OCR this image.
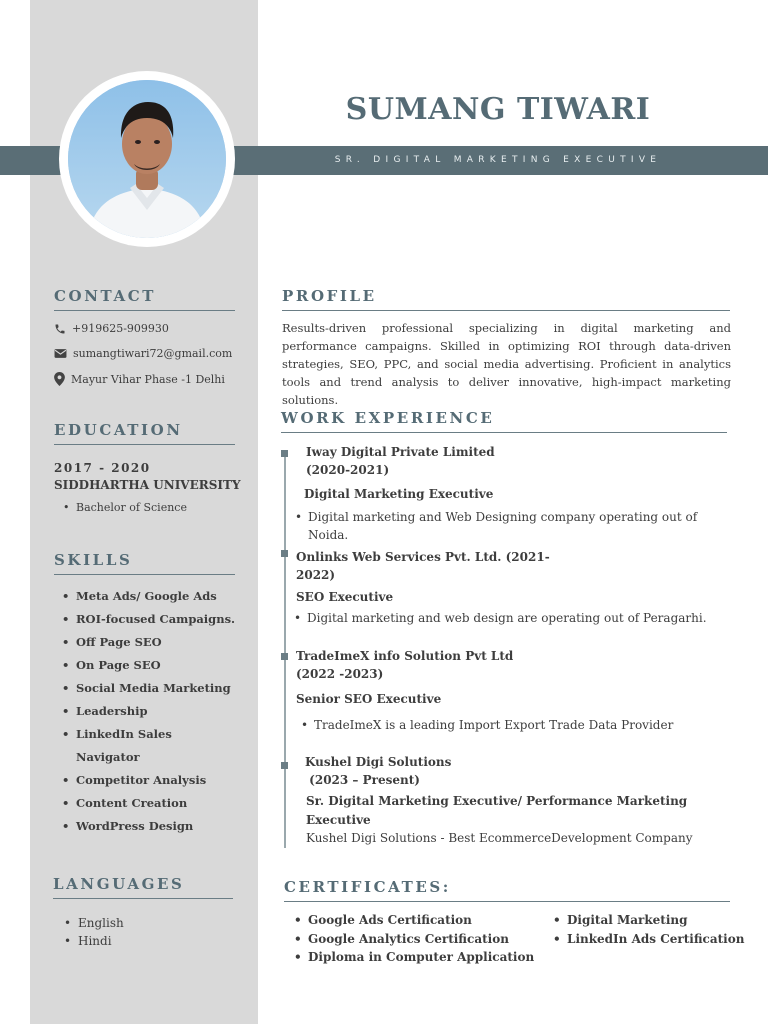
SUMANG TIWARI
SR. DIGITAL MARKETING EXECUTIVE
CONTACT
+919625-909930
sumangtiwari72@gmail.com
Mayur Vihar Phase -1 Delhi
EDUCATION
2017 - 2020
SIDDHARTHA UNIVERSITY
• Bachelor of Science
SKILLS
• Meta Ads/ Google Ads
• ROI-focused Campaigns.
• Off Page SEO
• On Page SEO
• Social Media Marketing
• Leadership
• LinkedIn Sales Navigator
• Competitor Analysis
• Content Creation
• WordPress Design
LANGUAGES
• English
• Hindi
PROFILE

Results-driven professional specializing in digital marketing and performance campaigns. Skilled in optimizing ROI through data-driven strategies, SEO, PPC, and social media advertising. Proficient in analytics tools and trend analysis to deliver innovative, high-impact marketing solutions.

WORK EXPERIENCE
Iway Digital Private Limited
(2020-2021)
Digital Marketing Executive
• Digital marketing and Web Designing company operating out of Noida.
Onlinks Web Services Pvt. Ltd. (2021-
2022)
SEO Executive
• Digital marketing and web design are operating out of Peragarhi.
TradeImeX info Solution Pvt Ltd
(2022 -2023)
Senior SEO Executive
• TradeImeX is a leading Import Export Trade Data Provider
Kushel Digi Solutions
(2023 – Present)
Sr. Digital Marketing Executive/ Performance Marketing
Executive
Kushel Digi Solutions - Best EcommerceDevelopment Company
CERTIFICATES:
• Google Ads Certification
• Google Analytics Certification
• Diploma in Computer Application
• Digital Marketing
• LinkedIn Ads Certification
